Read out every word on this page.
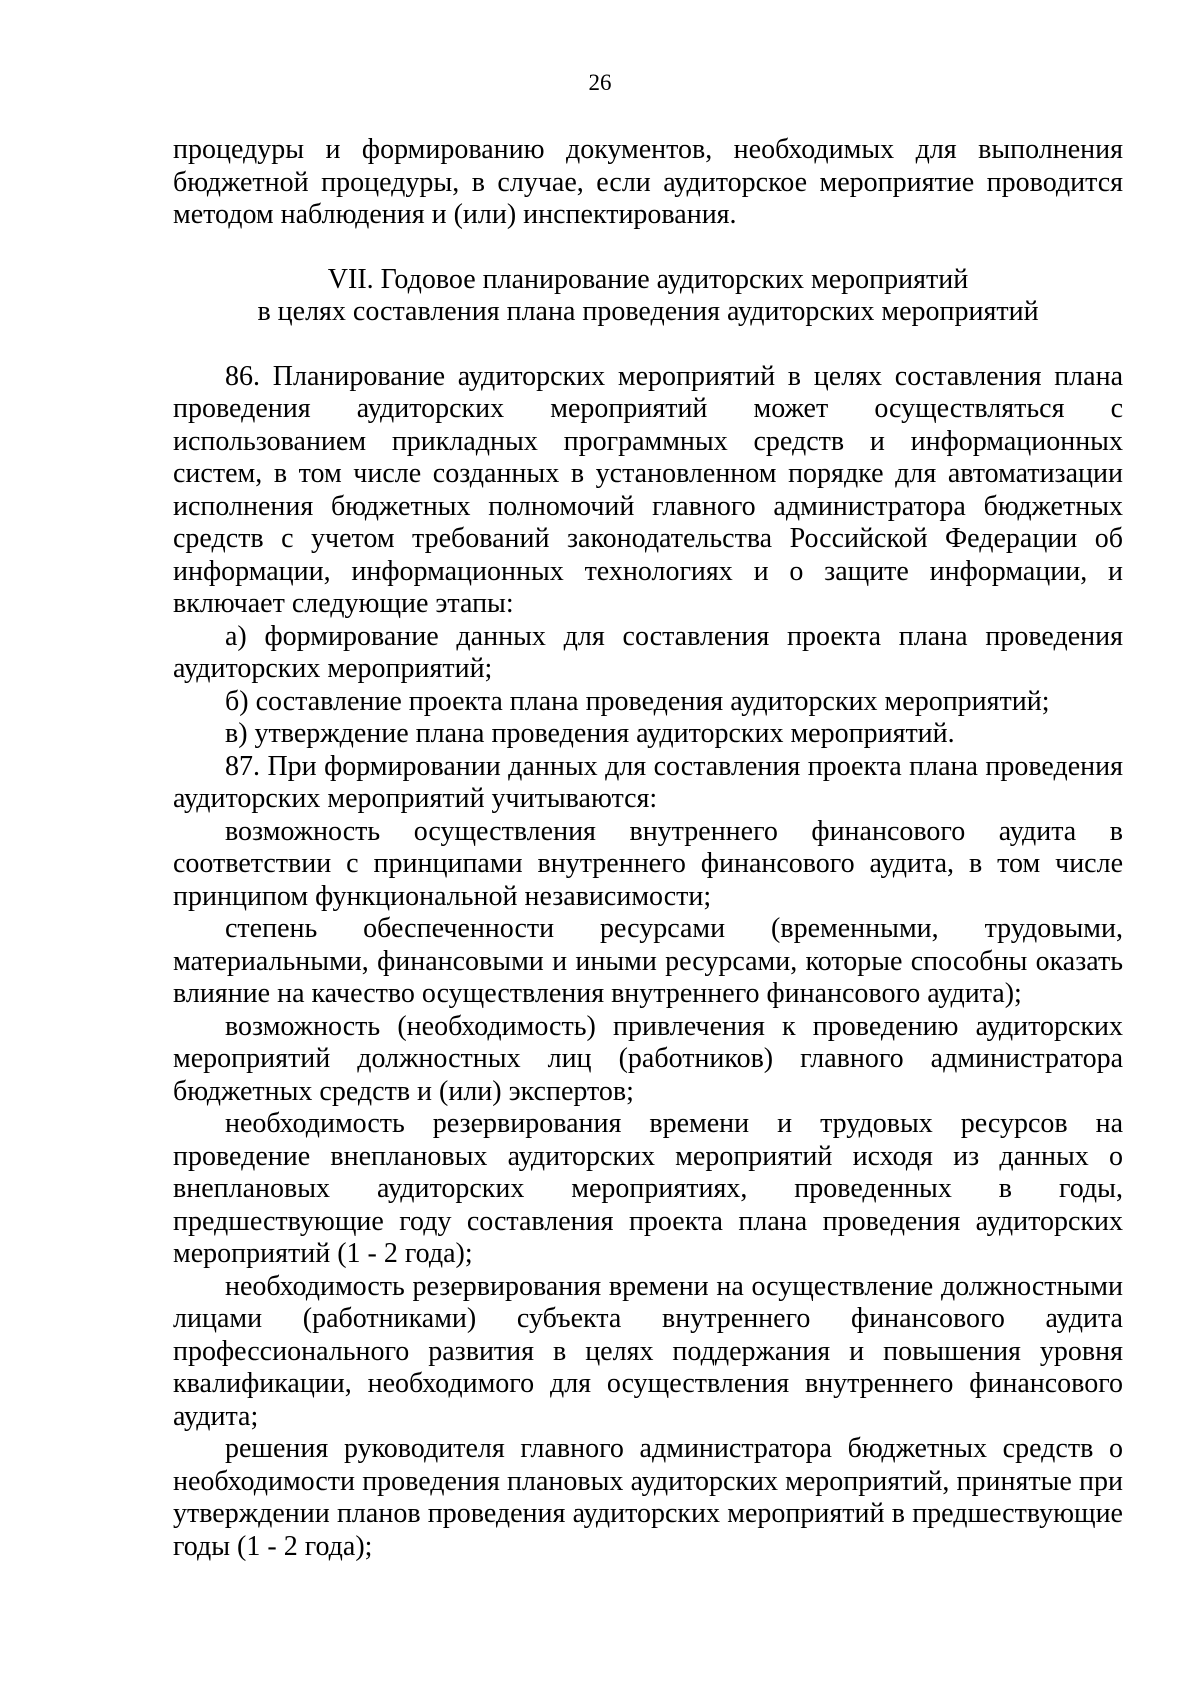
26

процедуры и формированию документов, необходимых для выполнения бюджетной процедуры, в случае, если аудиторское мероприятие проводится методом наблюдения и (или) инспектирования.

VII. Годовое планирование аудиторских мероприятий
в целях составления плана проведения аудиторских мероприятий

86. Планирование аудиторских мероприятий в целях составления плана проведения аудиторских мероприятий может осуществляться с использованием прикладных программных средств и информационных систем, в том числе созданных в установленном порядке для автоматизации исполнения бюджетных полномочий главного администратора бюджетных средств с учетом требований законодательства Российской Федерации об информации, информационных технологиях и о защите информации, и включает следующие этапы:

а) формирование данных для составления проекта плана проведения аудиторских мероприятий;

б) составление проекта плана проведения аудиторских мероприятий;

в) утверждение плана проведения аудиторских мероприятий.

87. При формировании данных для составления проекта плана проведения аудиторских мероприятий учитываются:

возможность осуществления внутреннего финансового аудита в соответствии с принципами внутреннего финансового аудита, в том числе принципом функциональной независимости;

степень обеспеченности ресурсами (временными, трудовыми, материальными, финансовыми и иными ресурсами, которые способны оказать влияние на качество осуществления внутреннего финансового аудита);

возможность (необходимость) привлечения к проведению аудиторских мероприятий должностных лиц (работников) главного администратора бюджетных средств и (или) экспертов;

необходимость резервирования времени и трудовых ресурсов на проведение внеплановых аудиторских мероприятий исходя из данных о внеплановых аудиторских мероприятиях, проведенных в годы, предшествующие году составления проекта плана проведения аудиторских мероприятий (1 - 2 года);

необходимость резервирования времени на осуществление должностными лицами (работниками) субъекта внутреннего финансового аудита профессионального развития в целях поддержания и повышения уровня квалификации, необходимого для осуществления внутреннего финансового аудита;

решения руководителя главного администратора бюджетных средств о необходимости проведения плановых аудиторских мероприятий, принятые при утверждении планов проведения аудиторских мероприятий в предшествующие годы (1 - 2 года);
